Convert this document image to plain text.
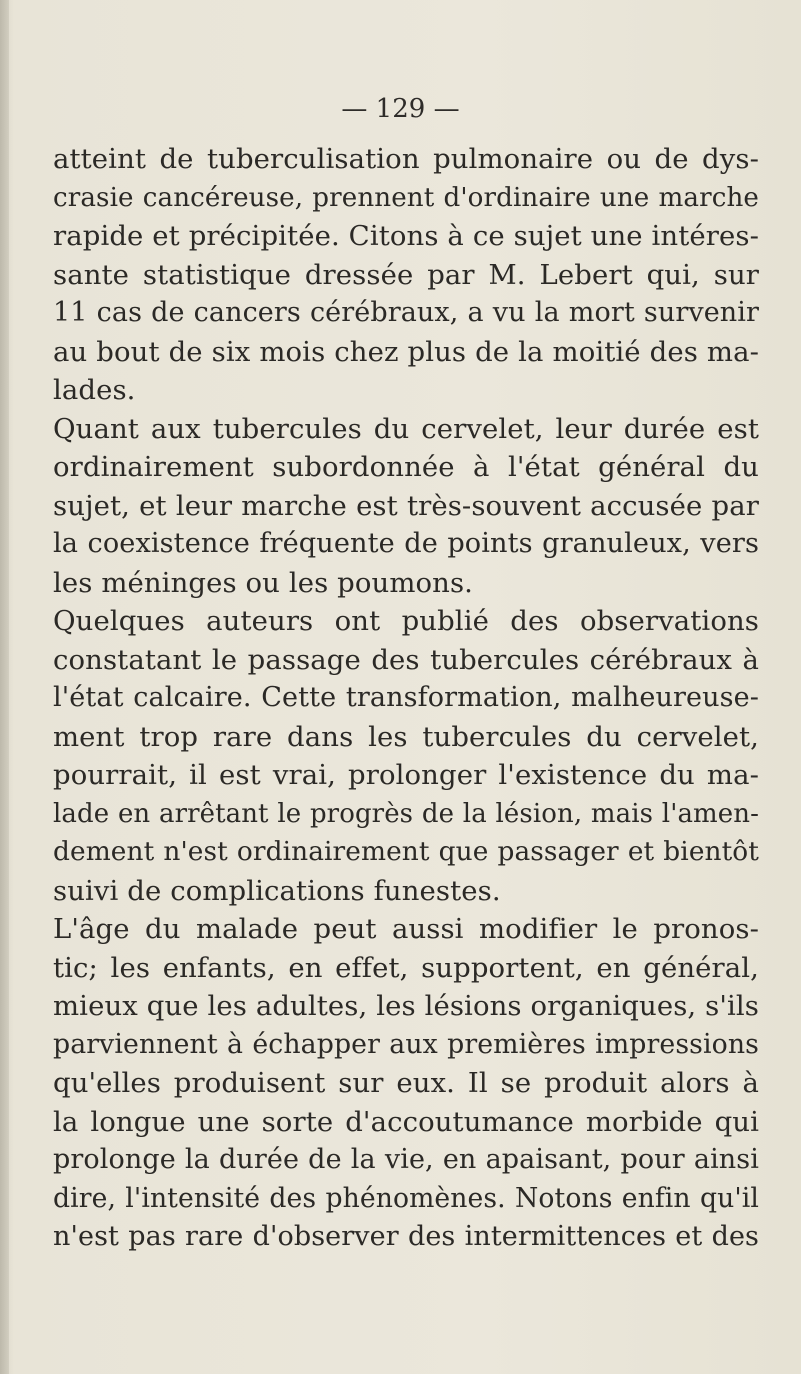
— 129 —

atteint de tuberculisation pulmonaire ou de dys-
crasie cancéreuse, prennent d'ordinaire une marche
rapide et précipitée. Citons à ce sujet une intéres-
sante statistique dressée par M. Lebert qui, sur
11 cas de cancers cérébraux, a vu la mort survenir
au bout de six mois chez plus de la moitié des ma-
lades.
Quant aux tubercules du cervelet, leur durée est
ordinairement subordonnée à l'état général du
sujet, et leur marche est très-souvent accusée par
la coexistence fréquente de points granuleux, vers
les méninges ou les poumons.
Quelques auteurs ont publié des observations
constatant le passage des tubercules cérébraux à
l'état calcaire. Cette transformation, malheureuse-
ment trop rare dans les tubercules du cervelet,
pourrait, il est vrai, prolonger l'existence du ma-
lade en arrêtant le progrès de la lésion, mais l'amen-
dement n'est ordinairement que passager et bientôt
suivi de complications funestes.
L'âge du malade peut aussi modifier le pronos-
tic; les enfants, en effet, supportent, en général,
mieux que les adultes, les lésions organiques, s'ils
parviennent à échapper aux premières impressions
qu'elles produisent sur eux. Il se produit alors à
la longue une sorte d'accoutumance morbide qui
prolonge la durée de la vie, en apaisant, pour ainsi
dire, l'intensité des phénomènes. Notons enfin qu'il
n'est pas rare d'observer des intermittences et des
